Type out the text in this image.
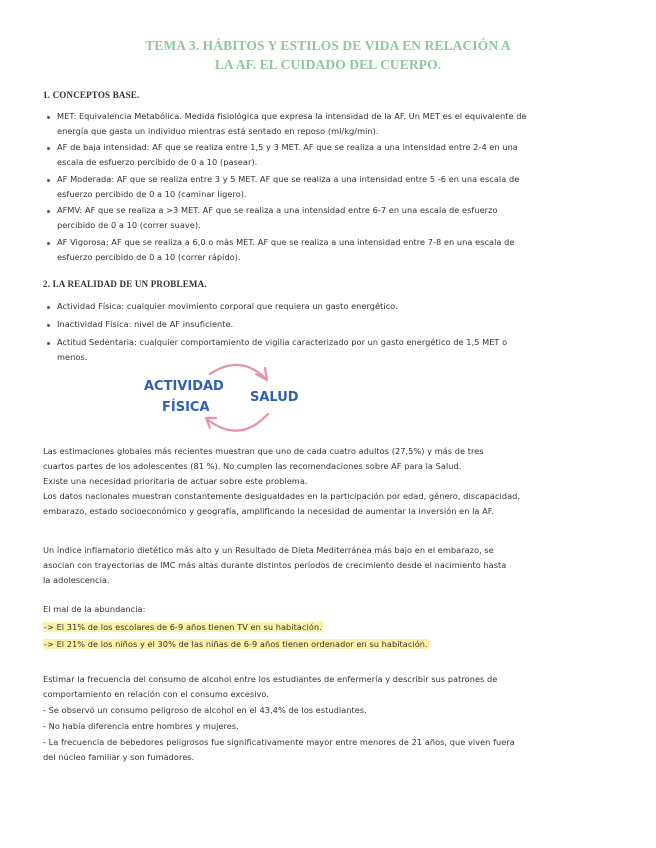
TEMA 3. HÁBITOS Y ESTILOS DE VIDA EN RELACIÓN A
LA AF. EL CUIDADO DEL CUERPO.
1. CONCEPTOS BASE.
MET: Equivalencia Metabólica. Medida fisiológica que expresa la intensidad de la AF. Un MET es el equivalente de
energía que gasta un individuo mientras está sentado en reposo (ml/kg/min).
AF de baja intensidad: AF que se realiza entre 1,5 y 3 MET. AF que se realiza a una intensidad entre 2-4 en una
escala de esfuerzo percibido de 0 a 10 (pasear).
AF Moderada: AF que se realiza entre 3 y 5 MET. AF que se realiza a una intensidad entre 5 -6 en una escala de
esfuerzo percibido de 0 a 10 (caminar ligero).
AFMV: AF que se realiza a >3 MET. AF que se realiza a una intensidad entre 6-7 en una escala de esfuerzo
percibido de 0 a 10 (correr suave).
AF Vigorosa: AF que se realiza a 6,0 o más MET. AF que se realiza a una intensidad entre 7-8 en una escala de
esfuerzo percibido de 0 a 10 (correr rápido).
2. LA REALIDAD DE UN PROBLEMA.
Actividad Física: cualquier movimiento corporal que requiera un gasto energético.
Inactividad Física: nivel de AF insuficiente.
Actitud Sedentaria: cualquier comportamiento de vigilia caracterizado por un gasto energético de 1,5 MET o
menos.
ACTIVIDAD
FÍSICA
SALUD
Las estimaciones globales más recientes muestran que uno de cada cuatro adultos (27,5%) y más de tres
cuartos partes de los adolescentes (81 %). No cumplen las recomendaciones sobre AF para la Salud.
Existe una necesidad prioritaria de actuar sobre este problema.
Los datos nacionales muestran constantemente desigualdades en la participación por edad, género, discapacidad,
embarazo, estado socioeconómico y geografía, amplificando la necesidad de aumentar la inversión en la AF.
Un índice inflamatorio dietético más alto y un Resultado de Dieta Mediterránea más bajo en el embarazo, se
asocian con trayectorias de IMC más altas durante distintos períodos de crecimiento desde el nacimiento hasta
la adolescencia.
El mal de la abundancia:
-> El 31% de los escolares de 6-9 años tienen TV en su habitación.
-> El 21% de los niños y el 30% de las niñas de 6-9 años tienen ordenador en su habitación.
Estimar la frecuencia del consumo de alcohol entre los estudiantes de enfermería y describir sus patrones de
comportamiento en relación con el consumo excesivo.
- Se observó un consumo peligroso de alcohol en el 43,4% de los estudiantes.
- No había diferencia entre hombres y mujeres.
- La frecuencia de bebedores peligrosos fue significativamente mayor entre menores de 21 años, que viven fuera
del núcleo familiar y son fumadores.
